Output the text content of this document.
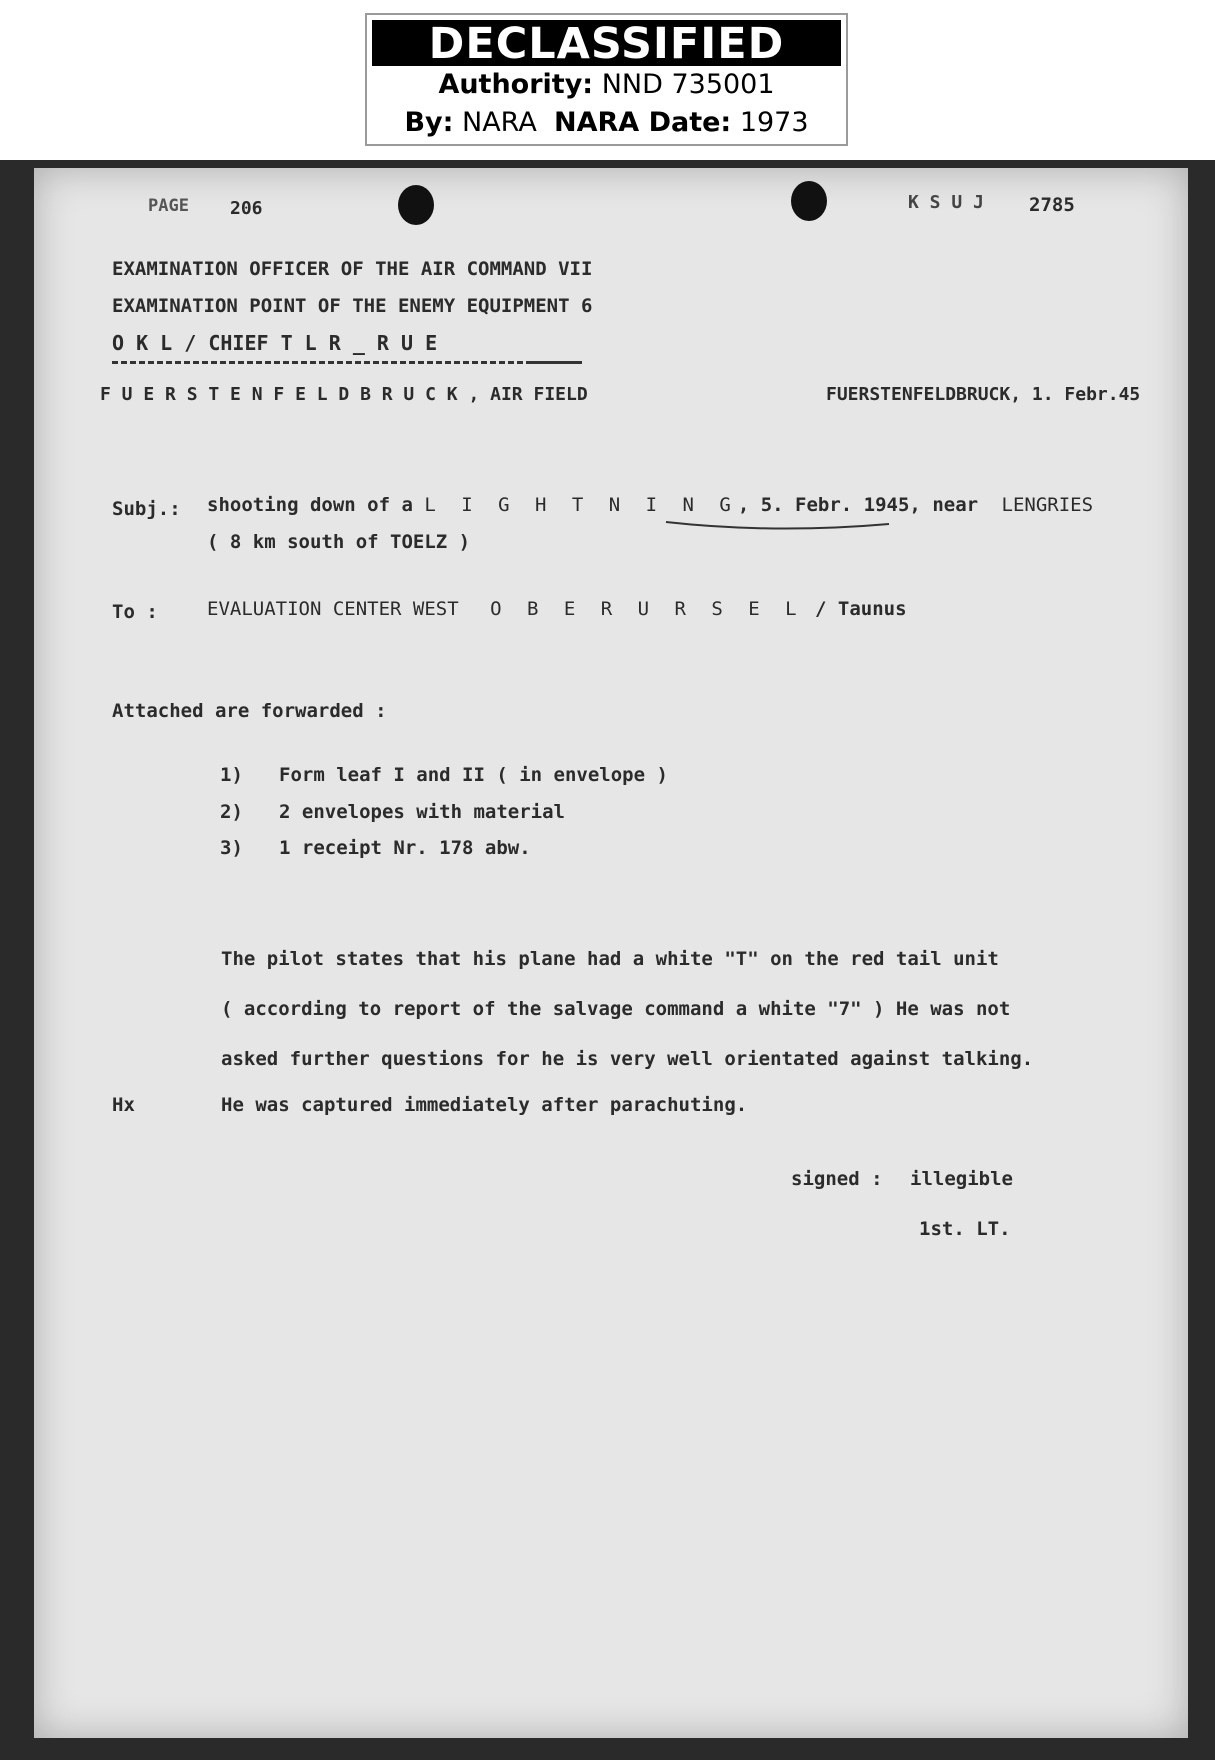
DECLASSIFIED
Authority: NND 735001
By: NARA NARA Date: 1973
PAGE 206	K S U J 2785
EXAMINATION OFFICER OF THE AIR COMMAND VII
EXAMINATION POINT OF THE ENEMY EQUIPMENT 6
O K L / CHIEF T L R _ R U E
F U E R S T E N F E L D B R U C K , AIR FIELD	FUERSTENFELDBRUCK, 1. Febr.45
Subj.: shooting down of a L I G H T N I N G, 5. Febr. 1945, near LENGRIES
( 8 km south of TOELZ )
To :	EVALUATION CENTER WEST O B E R U R S E L / Taunus
Attached are forwarded :
1) Form leaf I and II ( in envelope )
2) 2 envelopes with material
3) 1 receipt Nr. 178 abw.
The pilot states that his plane had a white "T" on the red tail unit
( according to report of the salvage command a white "7" ) He was not
asked further questions for he is very well orientated against talking.
Hx	He was captured immediately after parachuting.
signed : illegible
1st. LT.
